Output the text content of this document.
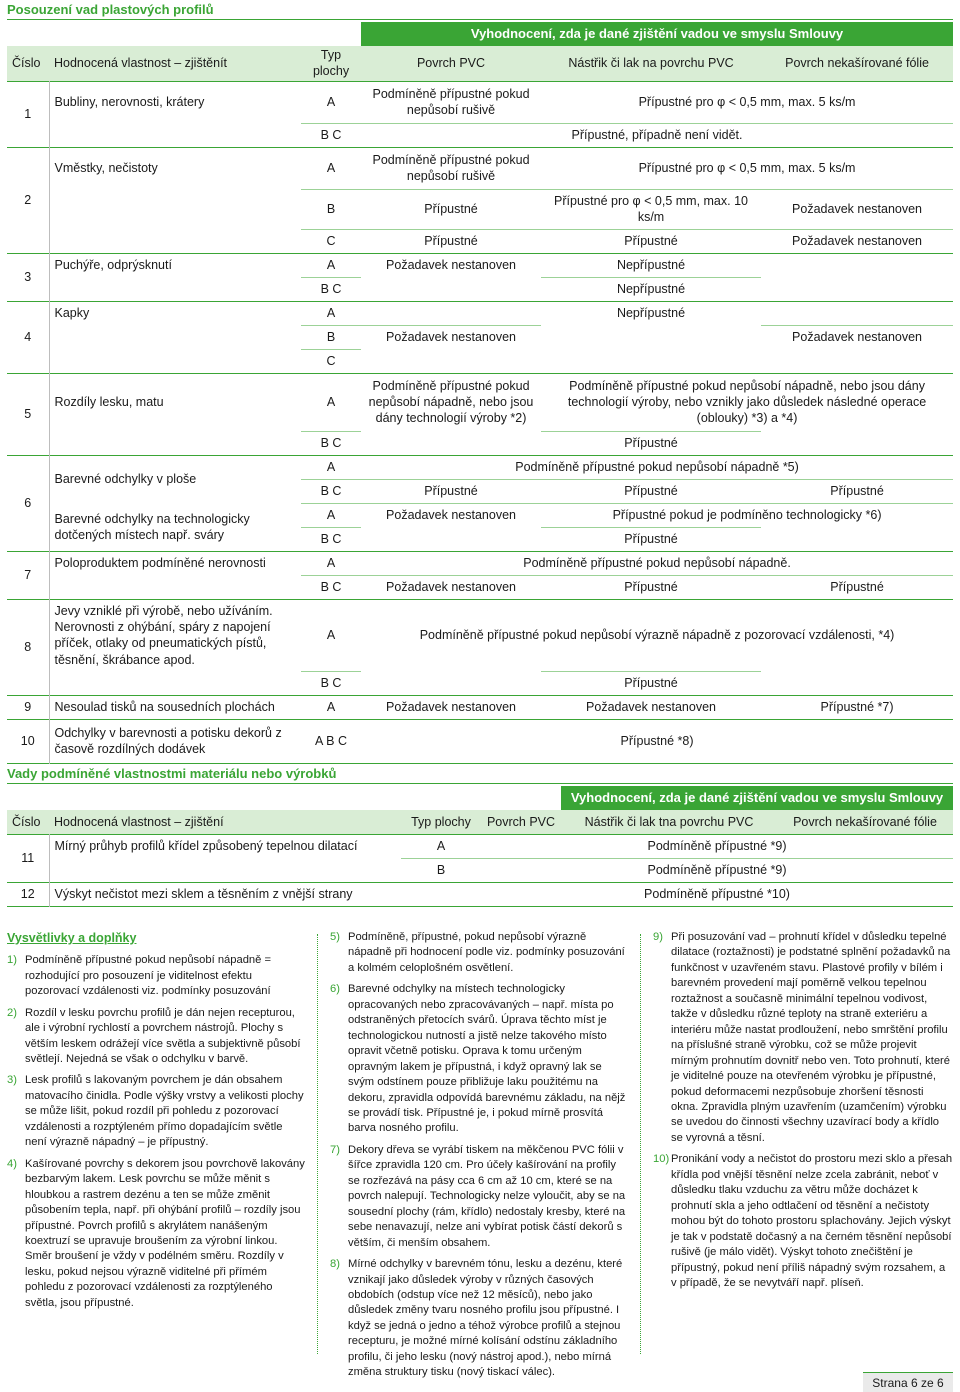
Posouzení vad plastových profilů
			Vyhodnocení, zda je dané zjištění vadou ve smyslu Smlouvy		
Číslo	Hodnocená vlastnost – zjištěnít	Typ plochy	Povrch PVC	Nástřik či lak na povrchu PVC	Povrch nekašírované fólie
1	Bubliny, nerovnosti, krátery	A	Podmíněně přípustné pokud nepůsobí rušivě	Přípustné pro φ < 0,5 mm, max. 5 ks/m	
		B C	Přípustné, případně není vidět.		
2	Vměstky, nečistoty	A	Podmíněně přípustné pokud nepůsobí rušivě	Přípustné pro φ < 0,5 mm, max. 5 ks/m	
		B	Přípustné	Přípustné pro φ < 0,5 mm, max. 10 ks/m	Požadavek nestanoven
		C	Přípustné	Přípustné	Požadavek nestanoven
3	Puchýře, odprýsknutí	A	Požadavek nestanoven	Nepřípustné	
		B C		Nepřípustné	
4	Kapky	A		Nepřípustné	
		B	Požadavek nestanoven		Požadavek nestanoven
		C			
5	Rozdíly lesku, matu	A	Podmíněně přípustné pokud nepůsobí nápadně, nebo jsou dány technologií výroby *2)	Podmíněně přípustné pokud nepůsobí nápadně, nebo jsou dány technologií výroby, nebo vznikly jako důsledek následné operace (oblouky) *3) a *4)	
		B C		Přípustné	
6	Barevné odchylky v ploše	A	Podmíněně přípustné pokud nepůsobí nápadně *5)		
		B C	Přípustné	Přípustné	Přípustné
	Barevné odchylky na technologicky dotčených místech např. sváry	A	Požadavek nestanoven	Přípustné pokud je podmíněno technologicky *6)	
		B C		Přípustné	
7	Poloproduktem podmíněné nerovnosti	A	Podmíněně přípustné pokud nepůsobí nápadně.		
		B C	Požadavek nestanoven	Přípustné	Přípustné
8	Jevy vzniklé při výrobě, nebo užíváním. Nerovnosti z ohýbání, spáry z napojení příček, otlaky od pneumatických pístů, těsnění, škrábance apod.	A	Podmíněně přípustné pokud nepůsobí výrazně nápadně z pozorovací vzdálenosti, *4)		
		B C		Přípustné	
9	Nesoulad tisků na sousedních plochách	A	Požadavek nestanoven	Požadavek nestanoven	Přípustné *7)
10	Odchylky v barevnosti a potisku dekorů z časově rozdílných dodávek	A B C	Přípustné *8)		

Vady podmíněné vlastnostmi materiálu nebo výrobků
				Vyhodnocení, zda je dané zjištění vadou ve smyslu Smlouvy	
Číslo	Hodnocená vlastnost – zjištění	Typ plochy	Povrch PVC	Nástřik či lak tna povrchu PVC	Povrch nekašírované fólie
11	Mírný průhyb profilů křídel způsobený tepelnou dilatací	A	Podmíněně přípustné *9)		
		B	Podmíněně přípustné *9)		
12	Výskyt nečistot mezi sklem a těsněním z vnější strany		Podmíněně přípustné *10)		

Vysvětlivky a doplňky

1) Podmíněně přípustné pokud nepůsobí nápadně = rozhodující pro posouzení je viditelnost efektu pozorovací vzdálenosti viz. podmínky posuzování

2) Rozdíl v lesku povrchu profilů je dán nejen recepturou, ale i výrobní rychlostí a povrchem nástrojů. Plochy s větším leskem odrážejí více světla a subjektivně působí světlejí. Nejedná se však o odchylku v barvě.

3) Lesk profilů s lakovaným povrchem je dán obsahem matovacího činidla. Podle výšky vrstvy a velikosti plochy se může lišit, pokud rozdíl při pohledu z pozorovací vzdálenosti a rozptýleném přímo dopadajícím světle není výrazně nápadný – je přípustný.

4) Kašírované povrchy s dekorem jsou povrchově lakovány bezbarvým lakem. Lesk povrchu se může měnit s hloubkou a rastrem dezénu a ten se může změnit působením tepla, např. při ohýbání profilů – rozdíly jsou přípustné. Povrch profilů s akrylátem nanášeným koextruzí se upravuje broušením za výrobní linkou. Směr broušení je vždy v podélném směru. Rozdíly v lesku, pokud nejsou výrazně viditelné při přímém pohledu z pozorovací vzdálenosti za rozptýleného světla, jsou přípustné.

5) Podmíněně, přípustné, pokud nepůsobí výrazně nápadně při hodnocení podle viz. podmínky posuzování a kolmém celoplošném osvětlení.

6) Barevné odchylky na místech technologicky opracovaných nebo zpracovávaných – např. místa po odstraněných přetocích svárů. Úprava těchto míst je technologickou nutností a jistě nelze takového místo opravit včetně potisku. Oprava k tomu určeným opravným lakem je přípustná, i když opravný lak se svým odstínem pouze přibližuje laku použitému na dekoru, zpravidla odpovídá barevnému základu, na nějž se provádí tisk. Přípustné je, i pokud mírně prosvítá barva nosného profilu.

7) Dekory dřeva se vyrábí tiskem na měkčenou PVC fólii v šířce zpravidla 120 cm. Pro účely kašírování na profily se rozřezává na pásy cca 6 cm až 10 cm, které se na povrch nalepují. Technologicky nelze vyloučit, aby se na sousední plochy (rám, křídlo) nedostaly kresby, které na sebe nenavazují, nelze ani vybírat potisk částí dekorů s větším, či menším obsahem.

8) Mírné odchylky v barevném tónu, lesku a dezénu, které vznikají jako důsledek výroby v různých časových obdobích (odstup více než 12 měsíců), nebo jako důsledek změny tvaru nosného profilu jsou přípustné. I když se jedná o jedno a téhož výrobce profilů a stejnou recepturu, je možné mírné kolísání odstínu základního profilu, či jeho lesku (nový nástroj apod.), nebo mírná změna struktury tisku (nový tiskací válec).

9) Při posuzování vad – prohnutí křídel v důsledku tepelné dilatace (roztažnosti) je podstatné splnění požadavků na funkčnost v uzavřeném stavu. Plastové profily v bílém i barevném provedení mají poměrně velkou tepelnou roztažnost a současně minimální tepelnou vodivost, takže v důsledku různé teploty na straně exteriéru a interiéru může nastat prodloužení, nebo smrštění profilu na příslušné straně výrobku, což se může projevit mírným prohnutím dovnitř nebo ven. Toto prohnutí, které je viditelné pouze na otevřeném výrobku je přípustné, pokud deformacemi nezpůsobuje zhoršení těsnosti okna. Zpravidla plným uzavřením (uzamčením) výrobku se uvedou do činnosti všechny uzavírací body a křídlo se vyrovná a těsní.

10) Pronikání vody a nečistot do prostoru mezi sklo a přesah křídla pod vnější těsnění nelze zcela zabránit, neboť v důsledku tlaku vzduchu za větru může docházet k prohnutí skla a jeho odtlačení od těsnění a nečistoty mohou být do tohoto prostoru splachovány. Jejich výskyt je tak v podstatě dočasný a na černém těsnění nepůsobí rušivě (je málo vidět). Výskyt tohoto znečištění je přípustný, pokud není příliš nápadný svým rozsahem, a v případě, že se nevytváří např. plíseň.

Strana 6 ze 6
